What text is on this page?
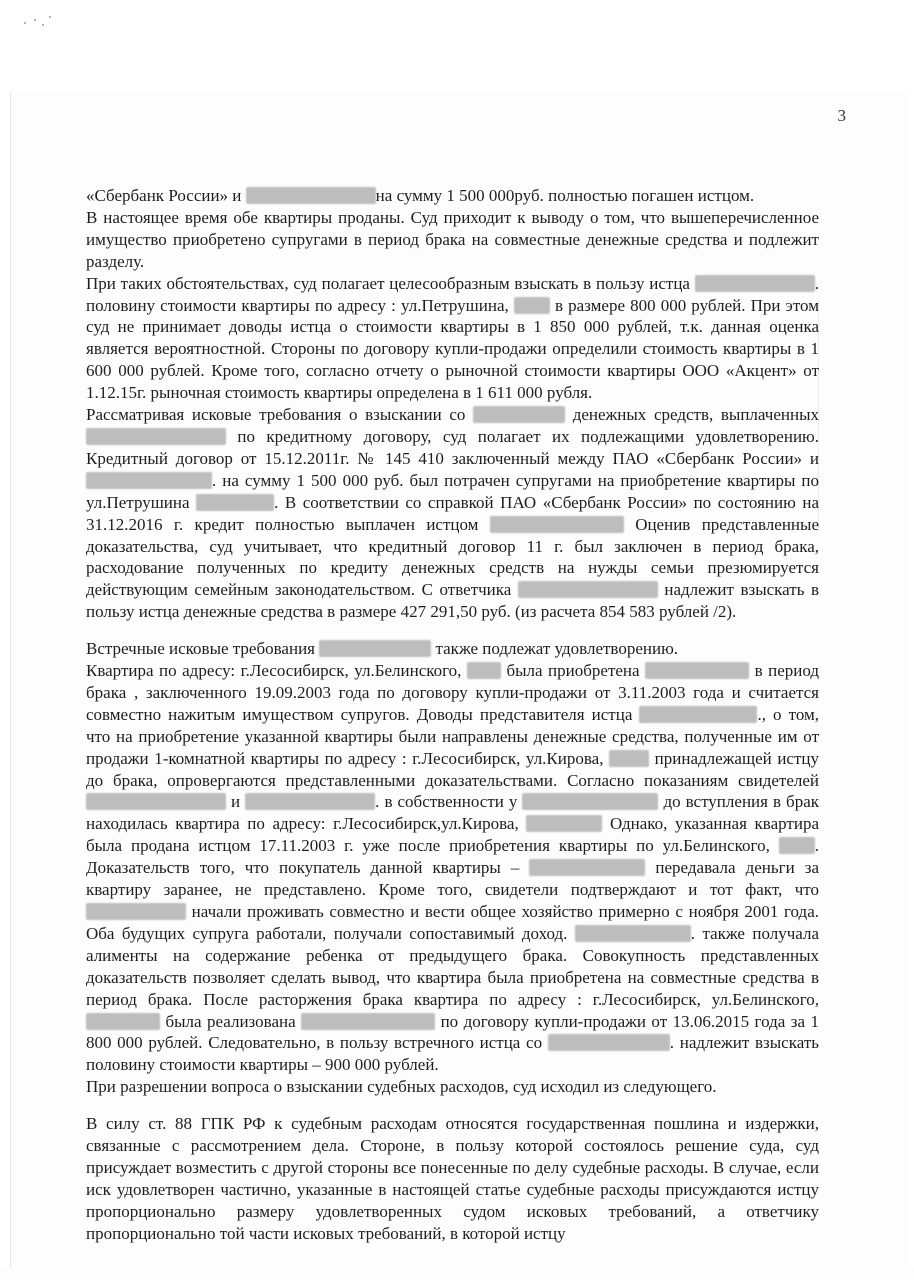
3

«Сбербанк России» и	на сумму 1 500 000руб. полностью погашен истцом.

В настоящее время обе квартиры проданы. Суд приходит к выводу о том, что вышеперечисленное имущество приобретено супругами в период брака на совместные денежные средства и подлежит разделу.

При таких обстоятельствах, суд полагает целесообразным взыскать в пользу истца	. половину стоимости квартиры по адресу : ул.Петрушина,  в размере 800 000 рублей. При этом суд не принимает доводы истца о стоимости квартиры в 1 850 000 рублей, т.к. данная оценка является вероятностной. Стороны по договору купли-продажи определили стоимость квартиры в 1 600 000 рублей. Кроме того, согласно отчету о рыночной стоимости квартиры ООО «Акцент» от 1.12.15г. рыночная стоимость квартиры определена в 1 611 000 рубля.

Рассматривая исковые требования о взыскании со	денежных средств, выплаченных  по кредитному договору, суд полагает их подлежащими удовлетворению. Кредитный договор от 15.12.2011г. № 145 410 заключенный между ПАО «Сбербанк России» и . на сумму 1 500 000 руб. был потрачен супругами на приобретение квартиры по ул.Петрушина	. В соответствии со справкой ПАО «Сбербанк России» по состоянию на 31.12.2016 г. кредит полностью выплачен истцом	Оценив представленные доказательства, суд учитывает, что кредитный договор 11 г. был заключен в период брака, расходование полученных по кредиту денежных средств на нужды семьи презюмируется действующим семейным законодательством. С ответчика	надлежит взыскать в пользу истца денежные средства в размере 427 291,50 руб. (из расчета 854 583 рублей /2).

Встречные исковые требования	также подлежат удовлетворению.

Квартира по адресу: г.Лесосибирск, ул.Белинского,  была приобретена	в период брака , заключенного 19.09.2003 года по договору купли-продажи от 3.11.2003 года и считается совместно нажитым имуществом супругов. Доводы представителя истца	., о том, что на приобретение указанной квартиры были направлены денежные средства, полученные им от продажи 1-комнатной квартиры по адресу : г.Лесосибирск, ул.Кирова,  принадлежащей истцу до брака, опровергаются представленными доказательствами. Согласно показаниям свидетелей  и	. в собственности у	до вступления в брак находилась квартира по адресу: г.Лесосибирск,ул.Кирова,	Однако, указанная квартира была продана истцом 17.11.2003 г. уже после приобретения квартиры по ул.Белинского, . Доказательств того, что покупатель данной квартиры –	передавала деньги за квартиру заранее, не представлено. Кроме того, свидетели подтверждают и тот факт, что  начали проживать совместно и вести общее хозяйство примерно с ноября 2001 года. Оба будущих супруга работали, получали сопоставимый доход.	. также получала алименты на содержание ребенка от предыдущего брака. Совокупность представленных доказательств позволяет сделать вывод, что квартира была приобретена на совместные средства в период брака. После расторжения брака квартира по адресу : г.Лесосибирск, ул.Белинского,  была реализована	по договору купли-продажи от 13.06.2015 года за 1 800 000 рублей. Следовательно, в пользу встречного истца со	. надлежит взыскать половину стоимости квартиры – 900 000 рублей.

При разрешении вопроса о взыскании судебных расходов, суд исходил из следующего.

В силу ст. 88 ГПК РФ к судебным расходам относятся государственная пошлина и издержки, связанные с рассмотрением дела. Стороне, в пользу которой состоялось решение суда, суд присуждает возместить с другой стороны все понесенные по делу судебные расходы. В случае, если иск удовлетворен частично, указанные в настоящей статье судебные расходы присуждаются истцу пропорционально размеру удовлетворенных судом исковых требований, а ответчику пропорционально той части исковых требований, в которой истцу
